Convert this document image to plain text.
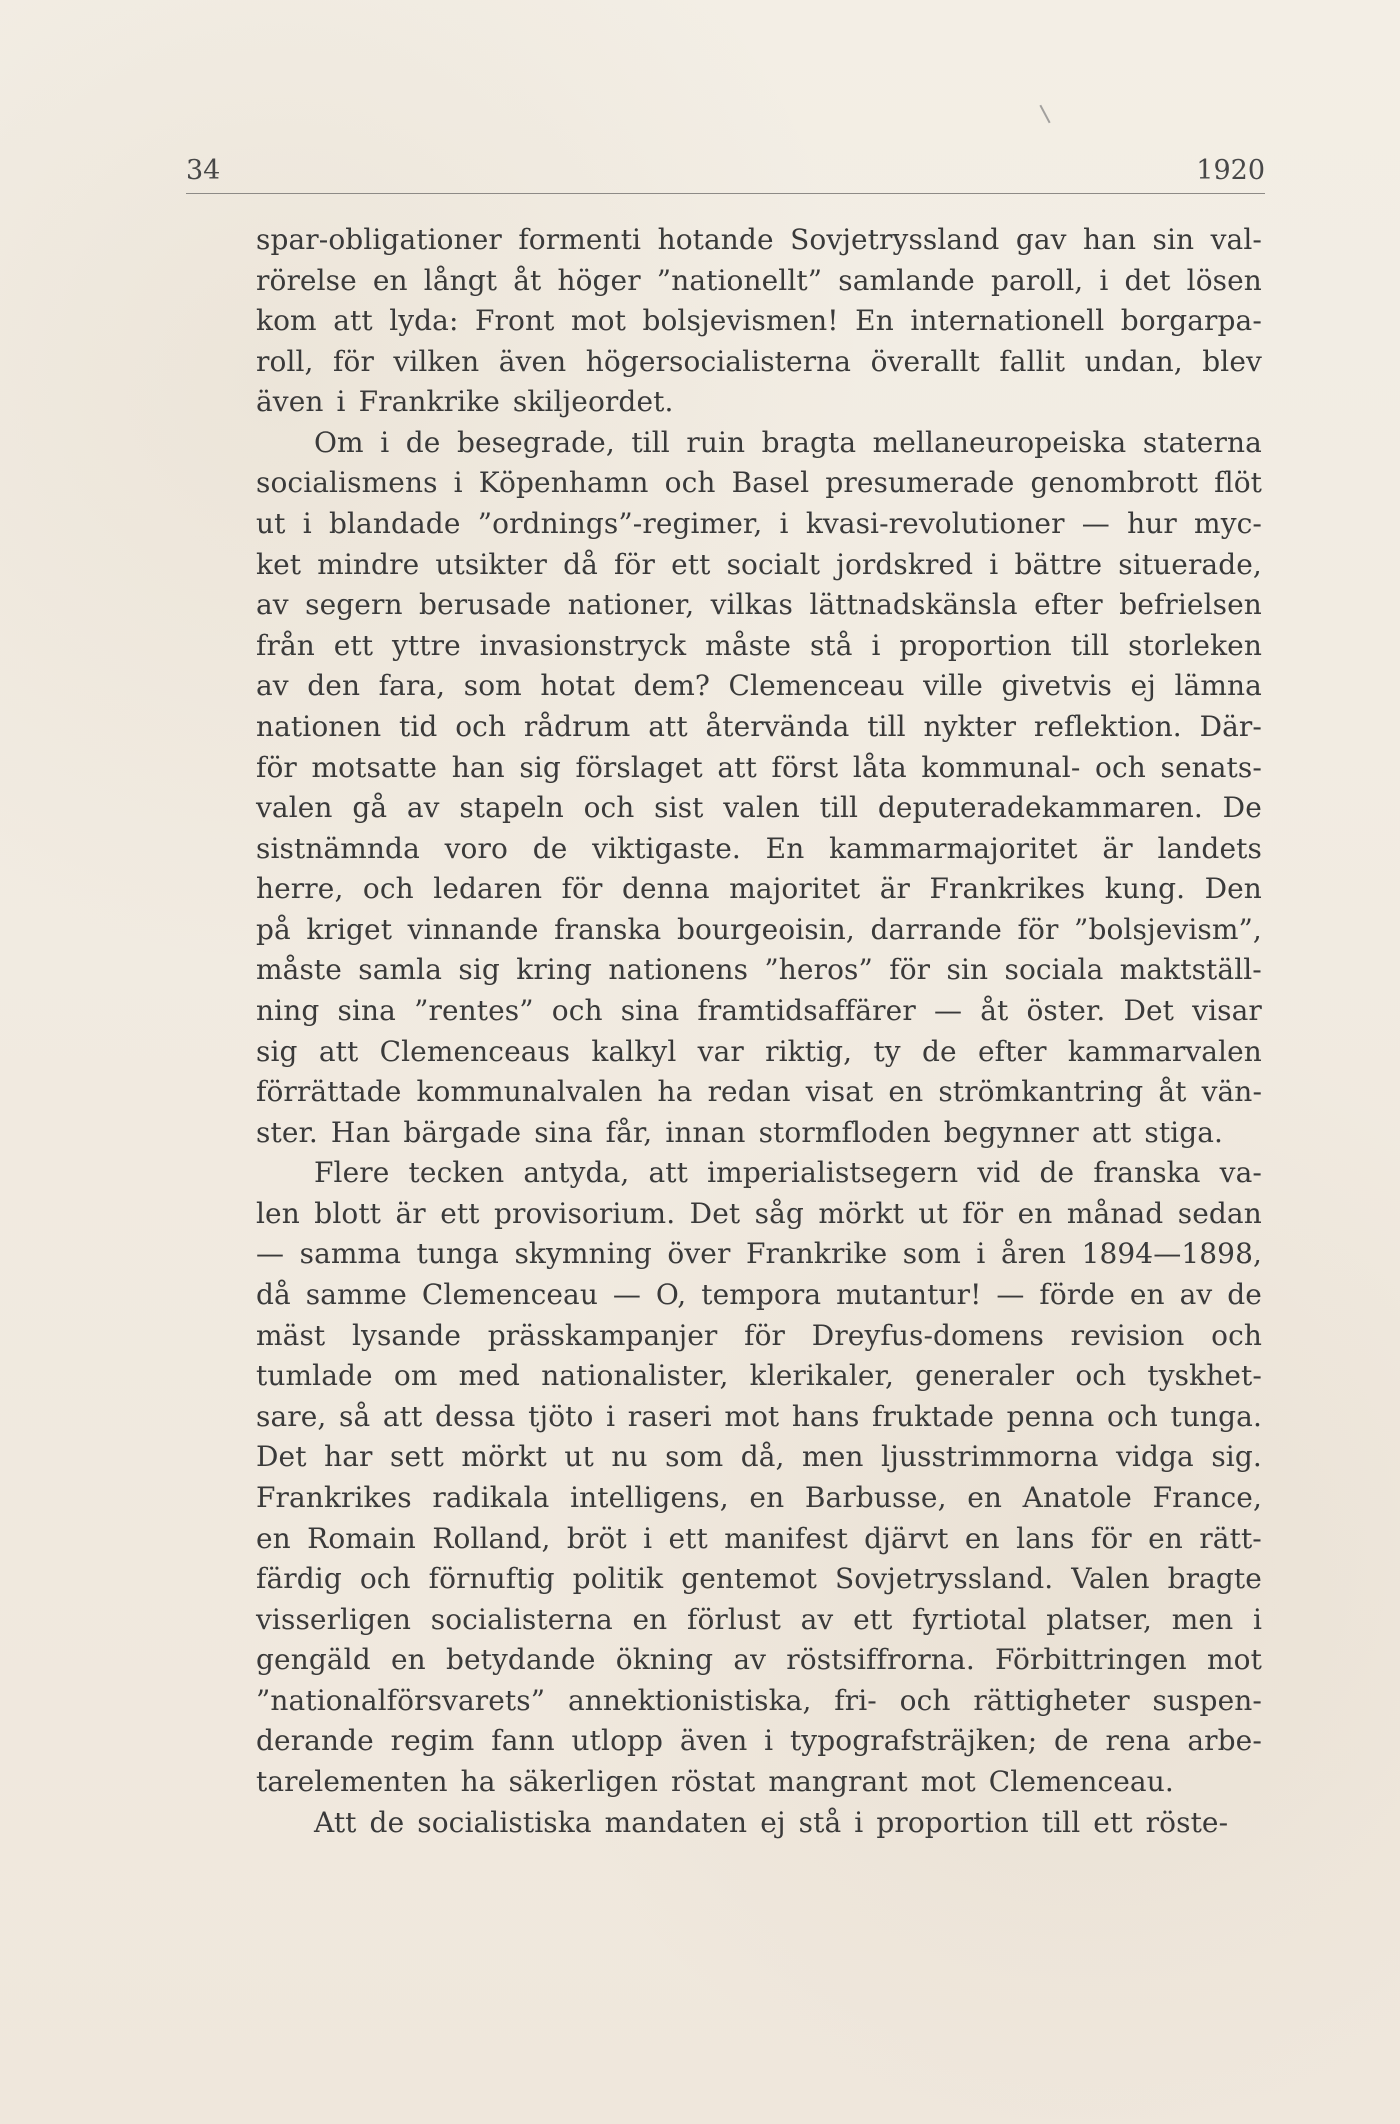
34	1920
spar-obligationer formenti hotande Sovjetryssland gav han sin val-
rörelse en långt åt höger ”nationellt” samlande paroll, i det lösen
kom att lyda: Front mot bolsjevismen! En internationell borgarpa-
roll, för vilken även högersocialisterna överallt fallit undan, blev
även i Frankrike skiljeordet.
Om i de besegrade, till ruin bragta mellaneuropeiska staterna
socialismens i Köpenhamn och Basel presumerade genombrott flöt
ut i blandade ”ordnings”-regimer, i kvasi-revolutioner — hur myc-
ket mindre utsikter då för ett socialt jordskred i bättre situerade,
av segern berusade nationer, vilkas lättnadskänsla efter befrielsen
från ett yttre invasionstryck måste stå i proportion till storleken
av den fara, som hotat dem? Clemenceau ville givetvis ej lämna
nationen tid och rådrum att återvända till nykter reflektion. Där-
för motsatte han sig förslaget att först låta kommunal- och senats-
valen gå av stapeln och sist valen till deputeradekammaren. De
sistnämnda voro de viktigaste. En kammarmajoritet är landets
herre, och ledaren för denna majoritet är Frankrikes kung. Den
på kriget vinnande franska bourgeoisin, darrande för ”bolsjevism”,
måste samla sig kring nationens ”heros” för sin sociala maktställ-
ning sina ”rentes” och sina framtidsaffärer — åt öster. Det visar
sig att Clemenceaus kalkyl var riktig, ty de efter kammarvalen
förrättade kommunalvalen ha redan visat en strömkantring åt vän-
ster. Han bärgade sina får, innan stormfloden begynner att stiga.
Flere tecken antyda, att imperialistsegern vid de franska va-
len blott är ett provisorium. Det såg mörkt ut för en månad sedan
— samma tunga skymning över Frankrike som i åren 1894—1898,
då samme Clemenceau — O, tempora mutantur! — förde en av de
mäst lysande prässkampanjer för Dreyfus-domens revision och
tumlade om med nationalister, klerikaler, generaler och tyskhet-
sare, så att dessa tjöto i raseri mot hans fruktade penna och tunga.
Det har sett mörkt ut nu som då, men ljusstrimmorna vidga sig.
Frankrikes radikala intelligens, en Barbusse, en Anatole France,
en Romain Rolland, bröt i ett manifest djärvt en lans för en rätt-
färdig och förnuftig politik gentemot Sovjetryssland. Valen bragte
visserligen socialisterna en förlust av ett fyrtiotal platser, men i
gengäld en betydande ökning av röstsiffrorna. Förbittringen mot
”nationalförsvarets” annektionistiska, fri- och rättigheter suspen-
derande regim fann utlopp även i typografsträjken; de rena arbe-
tarelementen ha säkerligen röstat mangrant mot Clemenceau.
Att de socialistiska mandaten ej stå i proportion till ett röste-
